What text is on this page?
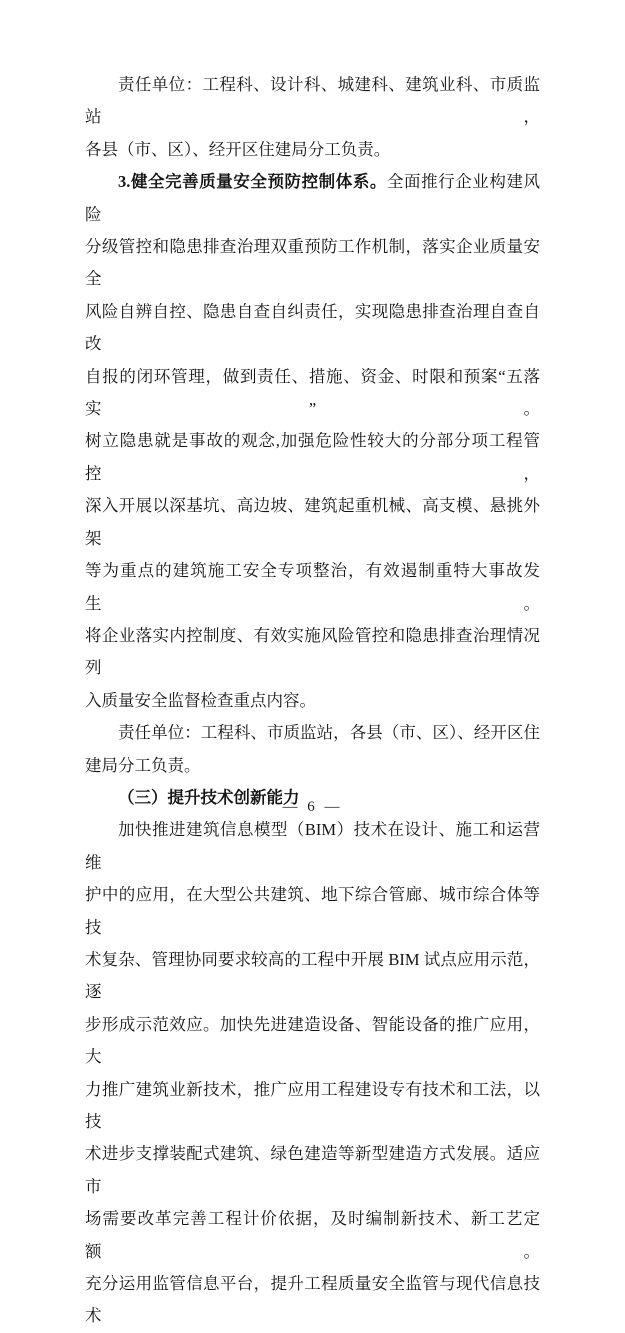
责任单位：工程科、设计科、城建科、建筑业科、市质监站，
各县（市、区）、经开区住建局分工负责。
3.健全完善质量安全预防控制体系。全面推行企业构建风险
分级管控和隐患排查治理双重预防工作机制，落实企业质量安全
风险自辨自控、隐患自查自纠责任，实现隐患排查治理自查自改
自报的闭环管理，做到责任、措施、资金、时限和预案“五落实”。
树立隐患就是事故的观念,加强危险性较大的分部分项工程管控，
深入开展以深基坑、高边坡、建筑起重机械、高支模、悬挑外架
等为重点的建筑施工安全专项整治，有效遏制重特大事故发生。
将企业落实内控制度、有效实施风险管控和隐患排查治理情况列
入质量安全监督检查重点内容。
责任单位：工程科、市质监站，各县（市、区）、经开区住
建局分工负责。
（三）提升技术创新能力
加快推进建筑信息模型（BIM）技术在设计、施工和运营维
护中的应用，在大型公共建筑、地下综合管廊、城市综合体等技
术复杂、管理协同要求较高的工程中开展 BIM 试点应用示范，逐
步形成示范效应。加快先进建造设备、智能设备的推广应用，大
力推广建筑业新技术，推广应用工程建设专有技术和工法，以技
术进步支撑装配式建筑、绿色建造等新型建造方式发展。适应市
场需要改革完善工程计价依据，及时编制新技术、新工艺定额。
充分运用监管信息平台，提升工程质量安全监管与现代信息技术
— 6 —
